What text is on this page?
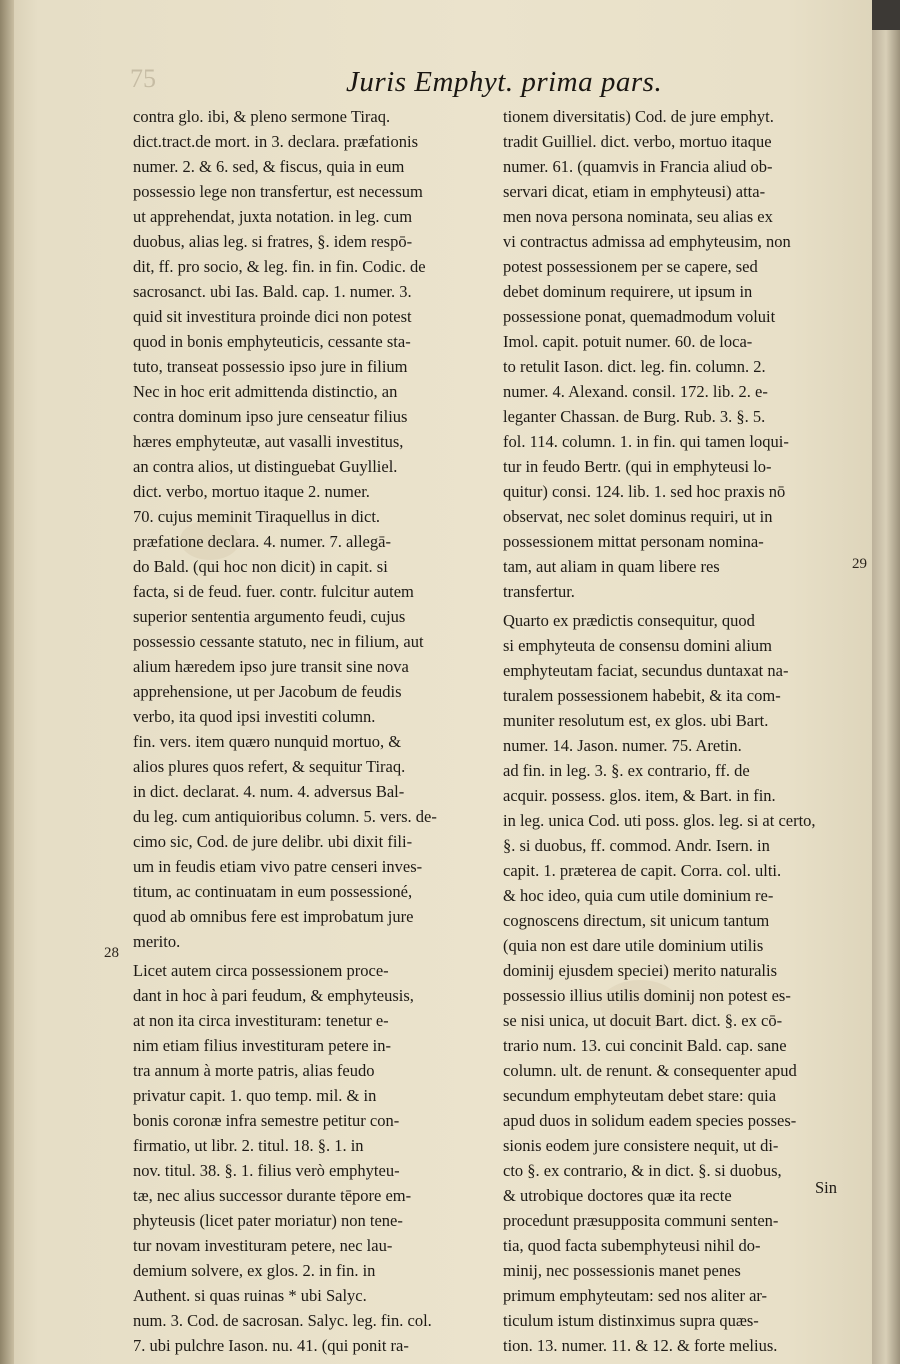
75	Juris Emphyt. prima pars.
contra glo. ibi, & pleno sermone Tiraq.
dict.tract.de mort. in 3. declara. præfationis
numer. 2. & 6. sed, & fiscus, quia in eum
possessio lege non transfertur, est necessum
ut apprehendat, juxta notation. in leg. cum
duobus, alias leg. si fratres, §. idem respō-
dit, ff. pro socio, & leg. fin. in fin. Codic. de
sacrosanct. ubi Ias. Bald. cap. 1. numer. 3.
quid sit investitura proinde dici non potest
quod in bonis emphyteuticis, cessante sta-
tuto, transeat possessio ipso jure in filium
Nec in hoc erit admittenda distinctio, an
contra dominum ipso jure censeatur filius
hæres emphyteutæ, aut vasalli investitus,
an contra alios, ut distinguebat Guylliel.
dict. verbo, mortuo itaque 2. numer.
70. cujus meminit Tiraquellus in dict.
præfatione declara. 4. numer. 7. allegā-
do Bald. (qui hoc non dicit) in capit. si
facta, si de feud. fuer. contr. fulcitur autem
superior sententia argumento feudi, cujus
possessio cessante statuto, nec in filium, aut
alium hæredem ipso jure transit sine nova
apprehensione, ut per Jacobum de feudis
verbo, ita quod ipsi investiti column.
fin. vers. item quæro nunquid mortuo, &
alios plures quos refert, & sequitur Tiraq.
in dict. declarat. 4. num. 4. adversus Bal-
du leg. cum antiquioribus column. 5. vers. de-
cimo sic, Cod. de jure delibr. ubi dixit fili-
um in feudis etiam vivo patre censeri inves-
titum, ac continuatam in eum possessioné,
quod ab omnibus fere est improbatum jure
merito.
Licet autem circa possessionem proce-
dant in hoc à pari feudum, & emphyteusis,
at non ita circa investituram: tenetur e-
nim etiam filius investituram petere in-
tra annum à morte patris, alias feudo
privatur capit. 1. quo temp. mil. & in
bonis coronæ infra semestre petitur con-
firmatio, ut libr. 2. titul. 18. §. 1. in
nov. titul. 38. §. 1. filius verò emphyteu-
tæ, nec alius successor durante tēpore em-
phyteusis (licet pater moriatur) non tene-
tur novam investituram petere, nec lau-
demium solvere, ex glos. 2. in fin. in
Authent. si quas ruinas * ubi Salyc.
num. 3. Cod. de sacrosan. Salyc. leg. fin. col.
7. ubi pulchre Iason. nu. 41. (qui ponit ra-
tionem diversitatis) Cod. de jure emphyt.
tradit Guilliel. dict. verbo, mortuo itaque
numer. 61. (quamvis in Francia aliud ob-
servari dicat, etiam in emphyteusi) atta-
men nova persona nominata, seu alias ex
vi contractus admissa ad emphyteusim, non
potest possessionem per se capere, sed
debet dominum requirere, ut ipsum in
possessione ponat, quemadmodum voluit
Imol. capit. potuit numer. 60. de loca-
to retulit Iason. dict. leg. fin. column. 2.
numer. 4. Alexand. consil. 172. lib. 2. e-
leganter Chassan. de Burg. Rub. 3. §. 5.
fol. 114. column. 1. in fin. qui tamen loqui-
tur in feudo Bertr. (qui in emphyteusi lo-
quitur) consi. 124. lib. 1. sed hoc praxis nō
observat, nec solet dominus requiri, ut in
possessionem mittat personam nomina-
tam, aut aliam in quam libere res
transfertur.
Quarto ex prædictis consequitur, quod
si emphyteuta de consensu domini alium
emphyteutam faciat, secundus duntaxat na-
turalem possessionem habebit, & ita com-
muniter resolutum est, ex glos. ubi Bart.
numer. 14. Jason. numer. 75. Aretin.
ad fin. in leg. 3. §. ex contrario, ff. de
acquir. possess. glos. item, & Bart. in fin.
in leg. unica Cod. uti poss. glos. leg. si at certo,
§. si duobus, ff. commod. Andr. Isern. in
capit. 1. præterea de capit. Corra. col. ulti.
& hoc ideo, quia cum utile dominium re-
cognoscens directum, sit unicum tantum
(quia non est dare utile dominium utilis
dominij ejusdem speciei) merito naturalis
possessio illius utilis dominij non potest es-
se nisi unica, ut docuit Bart. dict. §. ex cō-
trario num. 13. cui concinit Bald. cap. sane
column. ult. de renunt. & consequenter apud
secundum emphyteutam debet stare: quia
apud duos in solidum eadem species posses-
sionis eodem jure consistere nequit, ut di-
cto §. ex contrario, & in dict. §. si duobus,
& utrobique doctores quæ ita recte
procedunt præsupposita communi senten-
tia, quod facta subemphyteusi nihil do-
minij, nec possessionis manet penes
primum emphyteutam: sed nos aliter ar-
ticulum istum distinximus supra quæs-
tion. 13. numer. 11. & 12. & forte melius.
28
29
Sin
